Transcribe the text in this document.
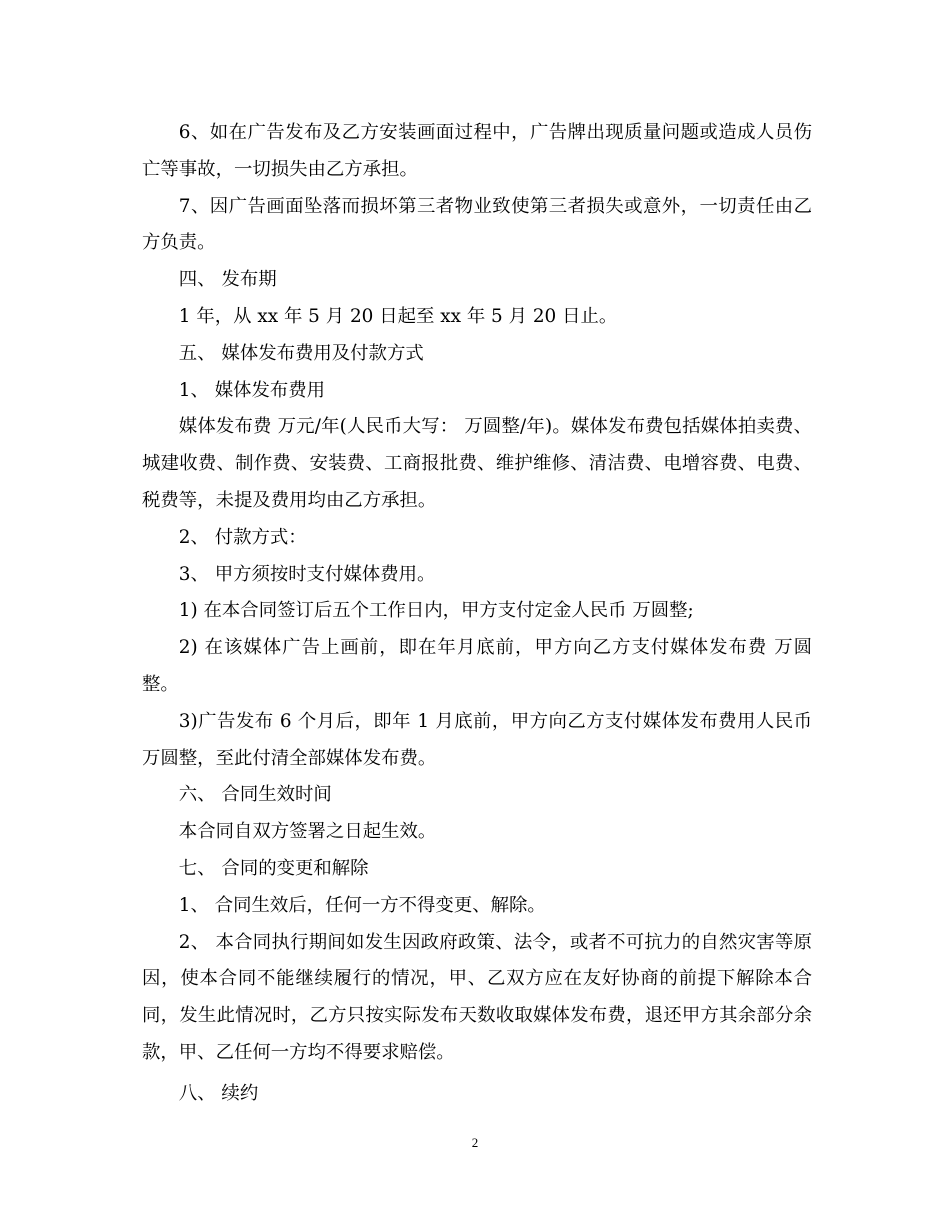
6、如在广告发布及乙方安装画面过程中，广告牌出现质量问题或造成人员伤亡等事故，一切损失由乙方承担。

7、因广告画面坠落而损坏第三者物业致使第三者损失或意外，一切责任由乙方负责。

四、 发布期

1 年，从 xx 年 5 月 20 日起至 xx 年 5 月 20 日止。

五、 媒体发布费用及付款方式

1、 媒体发布费用

媒体发布费 万元/年(人民币大写： 万圆整/年)。媒体发布费包括媒体拍卖费、城建收费、制作费、安装费、工商报批费、维护维修、清洁费、电增容费、电费、税费等，未提及费用均由乙方承担。

2、 付款方式：

3、 甲方须按时支付媒体费用。

1) 在本合同签订后五个工作日内，甲方支付定金人民币 万圆整;

2) 在该媒体广告上画前，即在年月底前，甲方向乙方支付媒体发布费 万圆整。

3)广告发布 6 个月后，即年 1 月底前，甲方向乙方支付媒体发布费用人民币 万圆整，至此付清全部媒体发布费。

六、 合同生效时间

本合同自双方签署之日起生效。

七、 合同的变更和解除

1、 合同生效后，任何一方不得变更、解除。

2、 本合同执行期间如发生因政府政策、法令，或者不可抗力的自然灾害等原因，使本合同不能继续履行的情况，甲、乙双方应在友好协商的前提下解除本合同，发生此情况时，乙方只按实际发布天数收取媒体发布费，退还甲方其余部分余款，甲、乙任何一方均不得要求赔偿。

八、 续约

2
